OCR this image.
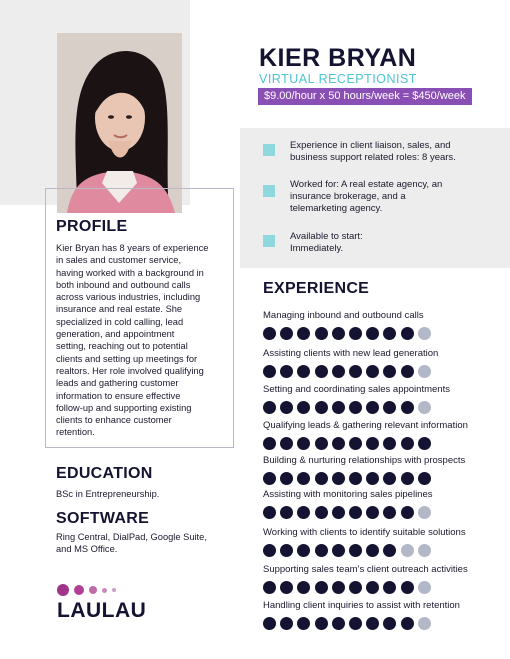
KIER BRYAN
VIRTUAL RECEPTIONIST
$9.00/hour x 50 hours/week = $450/week
Experience in client liaison, sales, and
business support related roles: 8 years.
Worked for: A real estate agency, an
insurance brokerage, and a
telemarketing agency.
Available to start:
Immediately.
PROFILE
Kier Bryan has 8 years of experience
in sales and customer service,
having worked with a background in
both inbound and outbound calls
across various industries, including
insurance and real estate. She
specialized in cold calling, lead
generation, and appointment
setting, reaching out to potential
clients and setting up meetings for
realtors. Her role involved qualifying
leads and gathering customer
information to ensure effective
follow-up and supporting existing
clients to enhance customer
retention.
EDUCATION
BSc in Entrepreneurship.
SOFTWARE
Ring Central, DialPad, Google Suite,
and MS Office.
LAULAU
EXPERIENCE
Managing inbound and outbound calls
Assisting clients with new lead generation
Setting and coordinating sales appointments
Qualifying leads & gathering relevant information
Building & nurturing relationships with prospects
Assisting with monitoring sales pipelines
Working with clients to identify suitable solutions
Supporting sales team’s client outreach activities
Handling client inquiries to assist with retention
